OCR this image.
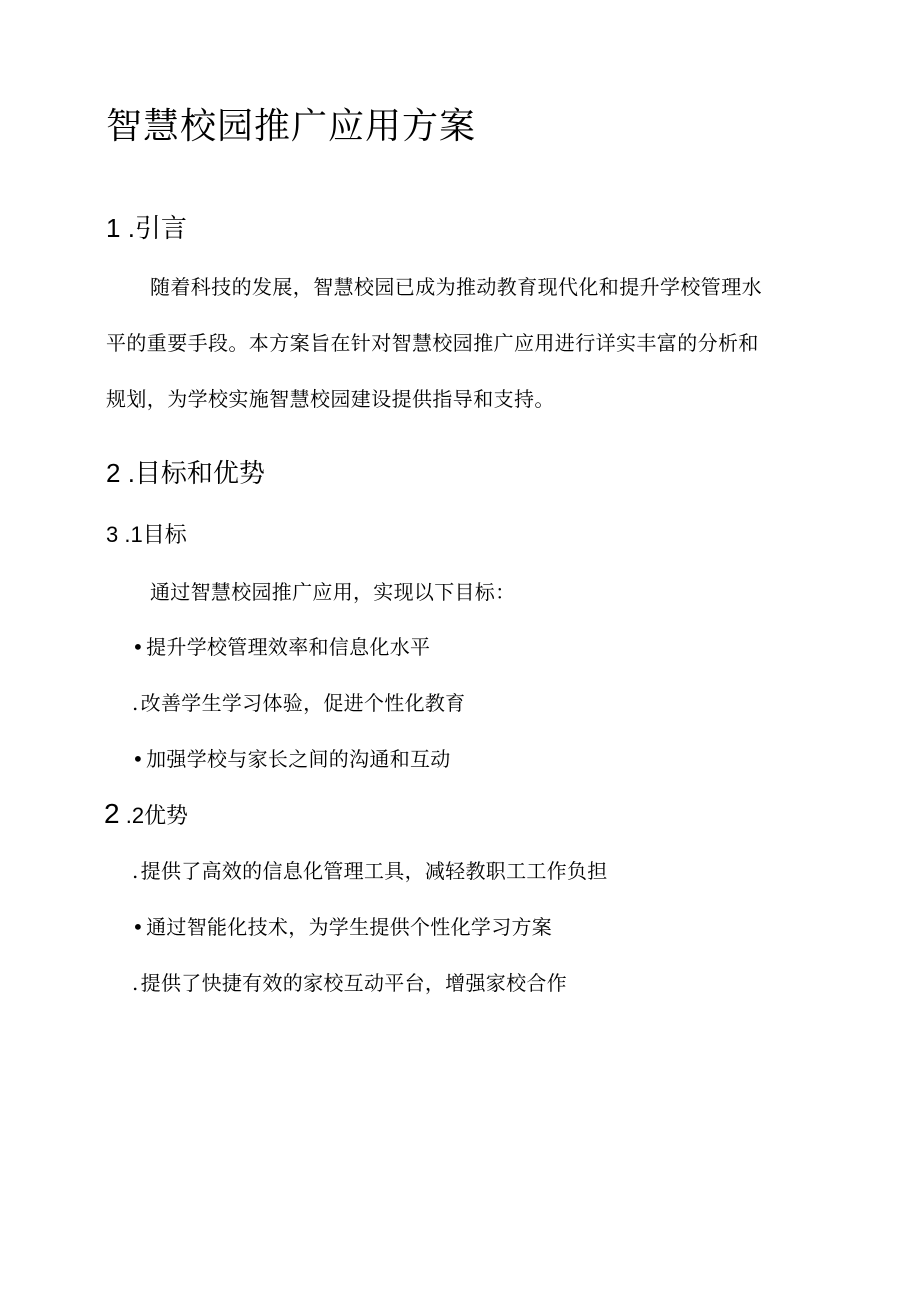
智慧校园推广应用方案
1 .引言
随着科技的发展，智慧校园已成为推动教育现代化和提升学校管理水
平的重要手段。本方案旨在针对智慧校园推广应用进行详实丰富的分析和
规划，为学校实施智慧校园建设提供指导和支持。
2 .目标和优势
3 .1目标
通过智慧校园推广应用，实现以下目标：
• 提升学校管理效率和信息化水平
. 改善学生学习体验，促进个性化教育
• 加强学校与家长之间的沟通和互动
2 .2优势
. 提供了高效的信息化管理工具，减轻教职工工作负担
• 通过智能化技术，为学生提供个性化学习方案
. 提供了快捷有效的家校互动平台，增强家校合作
